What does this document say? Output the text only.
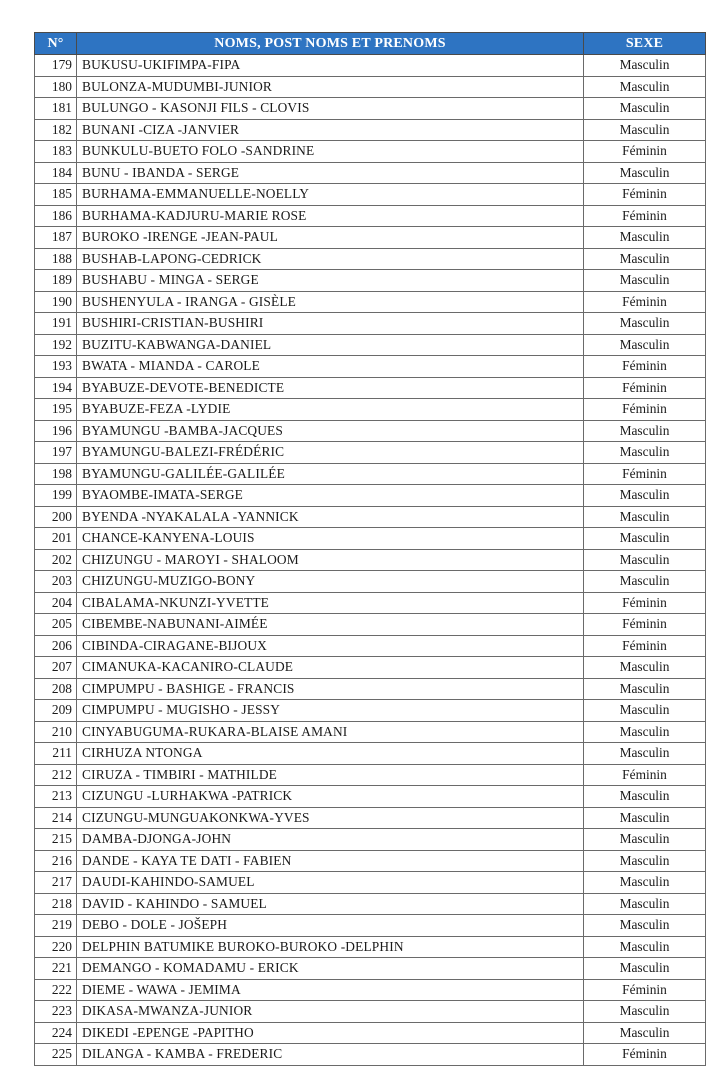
N°	NOMS, POST NOMS ET PRENOMS	SEXE
179	BUKUSU-UKIFIMPA-FIPA	Masculin
180	BULONZA-MUDUMBI-JUNIOR	Masculin
181	BULUNGO - KASONJI FILS - CLOVIS	Masculin
182	BUNANI -CIZA -JANVIER	Masculin
183	BUNKULU-BUETO FOLO -SANDRINE	Féminin
184	BUNU - IBANDA - SERGE	Masculin
185	BURHAMA-EMMANUELLE-NOELLY	Féminin
186	BURHAMA-KADJURU-MARIE ROSE	Féminin
187	BUROKO -IRENGE -JEAN-PAUL	Masculin
188	BUSHAB-LAPONG-CEDRICK	Masculin
189	BUSHABU - MINGA - SERGE	Masculin
190	BUSHENYULA - IRANGA - GISÈLE	Féminin
191	BUSHIRI-CRISTIAN-BUSHIRI	Masculin
192	BUZITU-KABWANGA-DANIEL	Masculin
193	BWATA - MIANDA - CAROLE	Féminin
194	BYABUZE-DEVOTE-BENEDICTE	Féminin
195	BYABUZE-FEZA -LYDIE	Féminin
196	BYAMUNGU -BAMBA-JACQUES	Masculin
197	BYAMUNGU-BALEZI-FRÉDÉRIC	Masculin
198	BYAMUNGU-GALILÉE-GALILÉE	Féminin
199	BYAOMBE-IMATA-SERGE	Masculin
200	BYENDA -NYAKALALA -YANNICK	Masculin
201	CHANCE-KANYENA-LOUIS	Masculin
202	CHIZUNGU - MAROYI - SHALOOM	Masculin
203	CHIZUNGU-MUZIGO-BONY	Masculin
204	CIBALAMA-NKUNZI-YVETTE	Féminin
205	CIBEMBE-NABUNANI-AIMÉE	Féminin
206	CIBINDA-CIRAGANE-BIJOUX	Féminin
207	CIMANUKA-KACANIRO-CLAUDE	Masculin
208	CIMPUMPU - BASHIGE - FRANCIS	Masculin
209	CIMPUMPU - MUGISHO - JESSY	Masculin
210	CINYABUGUMA-RUKARA-BLAISE AMANI	Masculin
211	CIRHUZA NTONGA	Masculin
212	CIRUZA - TIMBIRI - MATHILDE	Féminin
213	CIZUNGU -LURHAKWA -PATRICK	Masculin
214	CIZUNGU-MUNGUAKONKWA-YVES	Masculin
215	DAMBA-DJONGA-JOHN	Masculin
216	DANDE - KAYA TE DATI - FABIEN	Masculin
217	DAUDI-KAHINDO-SAMUEL	Masculin
218	DAVID - KAHINDO - SAMUEL	Masculin
219	DEBO - DOLE - JOŠEPH	Masculin
220	DELPHIN BATUMIKE BUROKO-BUROKO -DELPHIN	Masculin
221	DEMANGO - KOMADAMU - ERICK	Masculin
222	DIEME - WAWA - JEMIMA	Féminin
223	DIKASA-MWANZA-JUNIOR	Masculin
224	DIKEDI -EPENGE -PAPITHO	Masculin
225	DILANGA - KAMBA - FREDERIC	Féminin
